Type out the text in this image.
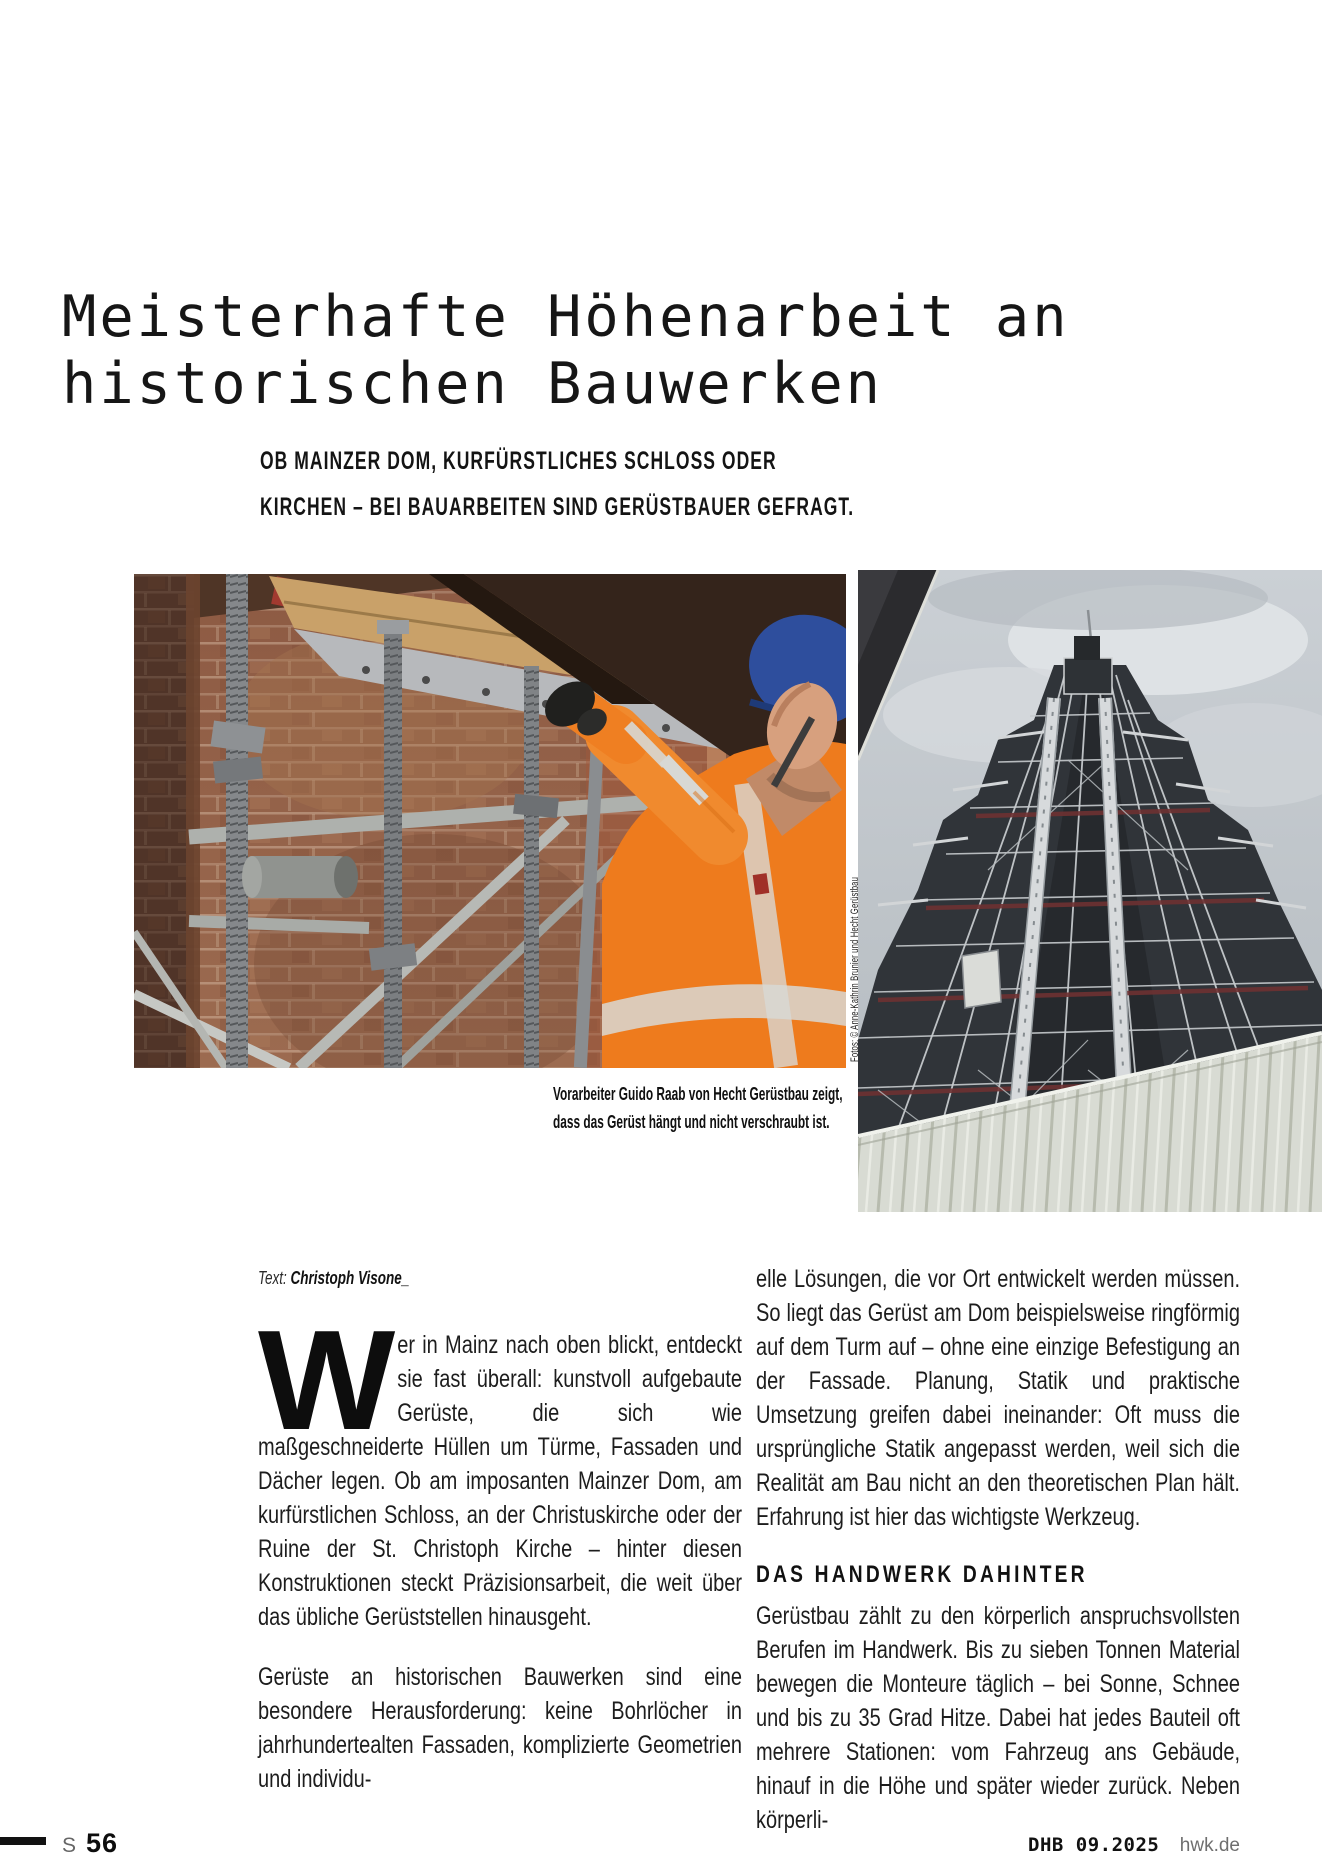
Meisterhafte Höhenarbeit an
historischen Bauwerken
OB MAINZER DOM, KURFÜRSTLICHES SCHLOSS ODER
KIRCHEN – BEI BAUARBEITEN SIND GERÜSTBAUER GEFRAGT.
Fotos: © Anne-Kathrin Brunier und Hecht Gerüstbau
Vorarbeiter Guido Raab von Hecht Gerüstbau zeigt,
dass das Gerüst hängt und nicht verschraubt ist.
Text: Christoph Visone_

Wer in Mainz nach oben blickt, entdeckt sie fast überall: kunstvoll aufgebaute Gerüste, die sich wie maßgeschneiderte Hüllen um Türme, Fassaden und Dächer legen. Ob am imposanten Mainzer Dom, am kurfürstlichen Schloss, an der Christuskirche oder der Ruine der St. Christoph Kirche – hinter diesen Konstruktionen steckt Präzisionsarbeit, die weit über das übliche Gerüststellen hinausgeht.

Gerüste an historischen Bauwerken sind eine besondere Herausforderung: keine Bohrlöcher in jahrhundertealten Fassaden, komplizierte Geometrien und individu-

elle Lösungen, die vor Ort entwickelt werden müssen. So liegt das Gerüst am Dom beispielsweise ringförmig auf dem Turm auf – ohne eine einzige Befestigung an der Fassade. Planung, Statik und praktische Umsetzung greifen dabei ineinander: Oft muss die ursprüngliche Statik angepasst werden, weil sich die Realität am Bau nicht an den theoretischen Plan hält. Erfahrung ist hier das wichtigste Werkzeug.

DAS HANDWERK DAHINTER

Gerüstbau zählt zu den körperlich anspruchsvollsten Berufen im Handwerk. Bis zu sieben Tonnen Material bewegen die Monteure täglich – bei Sonne, Schnee und bis zu 35 Grad Hitze. Dabei hat jedes Bauteil oft mehrere Stationen: vom Fahrzeug ans Gebäude, hinauf in die Höhe und später wieder zurück. Neben körperli-

S 56	DHB 09.2025 hwk.de
